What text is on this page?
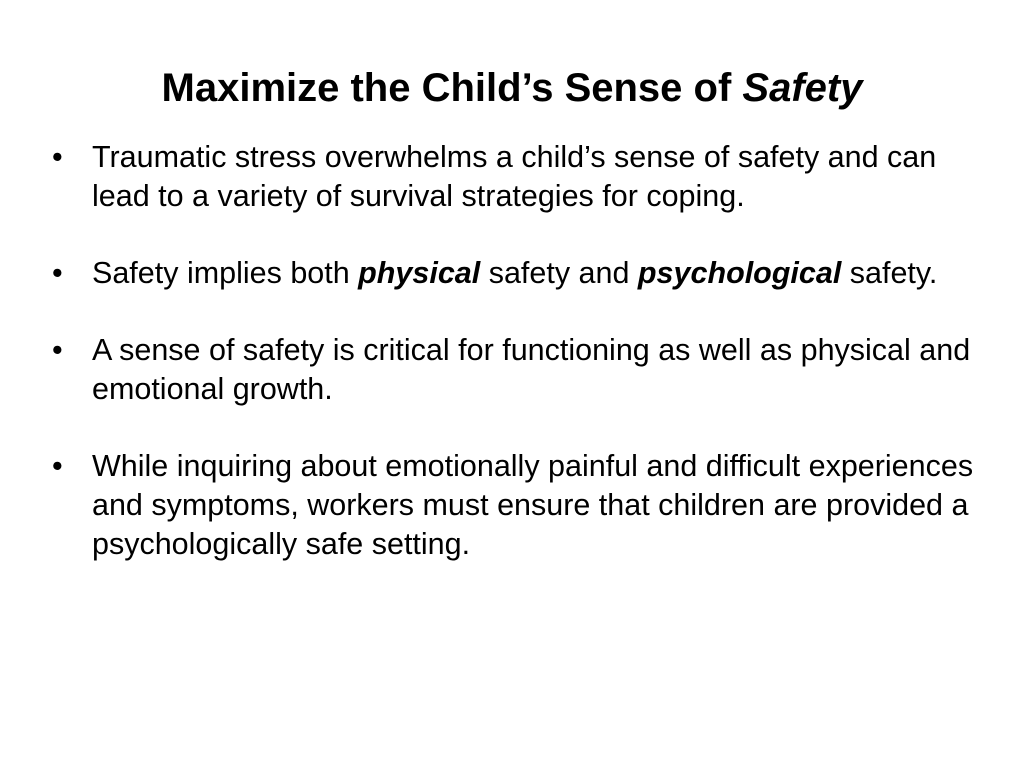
Maximize the Child’s Sense of Safety
• Traumatic stress overwhelms a child’s sense of safety and can lead to a variety of survival strategies for coping.
• Safety implies both physical safety and psychological safety.
• A sense of safety is critical for functioning as well as physical and emotional growth.
• While inquiring about emotionally painful and difficult experiences and symptoms, workers must ensure that children are provided a psychologically safe setting.
